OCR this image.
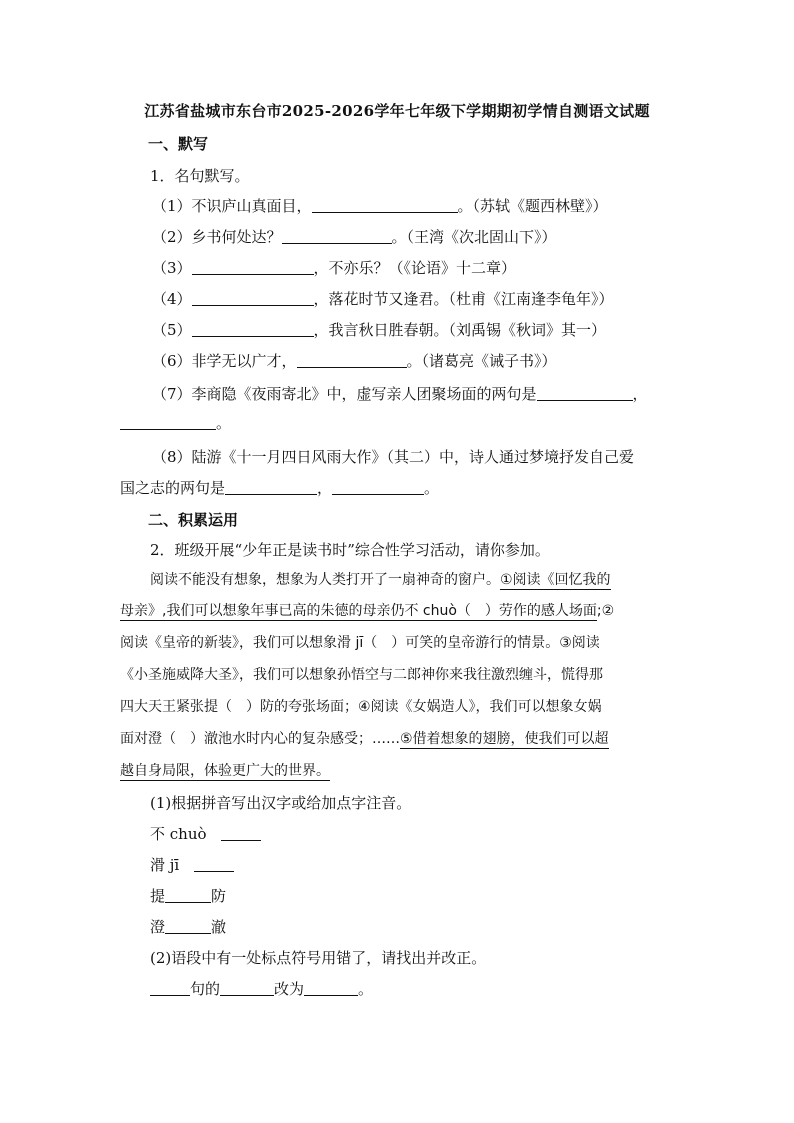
江苏省盐城市东台市2025-2026学年七年级下学期期初学情自测语文试题
一、默写
1．名句默写。
（1）不识庐山真面目，	。（苏轼《题西林壁》）
（2）乡书何处达？	。（王湾《次北固山下》）
（3）	，不亦乐？（《论语》十二章）
（4）	，落花时节又逢君。（杜甫《江南逢李龟年》）
（5）	，我言秋日胜春朝。（刘禹锡《秋词》其一）
（6）非学无以广才，	。（诸葛亮《诫子书》）
（7）李商隐《夜雨寄北》中，虚写亲人团聚场面的两句是	，
。
（8）陆游《十一月四日风雨大作》（其二）中，诗人通过梦境抒发自己爱
国之志的两句是	，	。
二、积累运用
2．班级开展“少年正是读书时”综合性学习活动，请你参加。
阅读不能没有想象，想象为人类打开了一扇神奇的窗户。①阅读《回忆我的
母亲》,我们可以想象年事已高的朱德的母亲仍不 chuò（　）劳作的感人场面;②
阅读《皇帝的新装》，我们可以想象滑 jī（　）可笑的皇帝游行的情景。③阅读
《小圣施威降大圣》，我们可以想象孙悟空与二郎神你来我往激烈缠斗，慌得那
四大天王紧张提（　）防的夸张场面；④阅读《女娲造人》，我们可以想象女娲
面对澄（　）澈池水时内心的复杂感受；……⑤借着想象的翅膀，使我们可以超
越自身局限，体验更广大的世界。
(1)根据拼音写出汉字或给加点字注音。
不 chuò
滑 jī
提	防
澄	澈
(2)语段中有一处标点符号用错了，请找出并改正。
句的	改为	。
